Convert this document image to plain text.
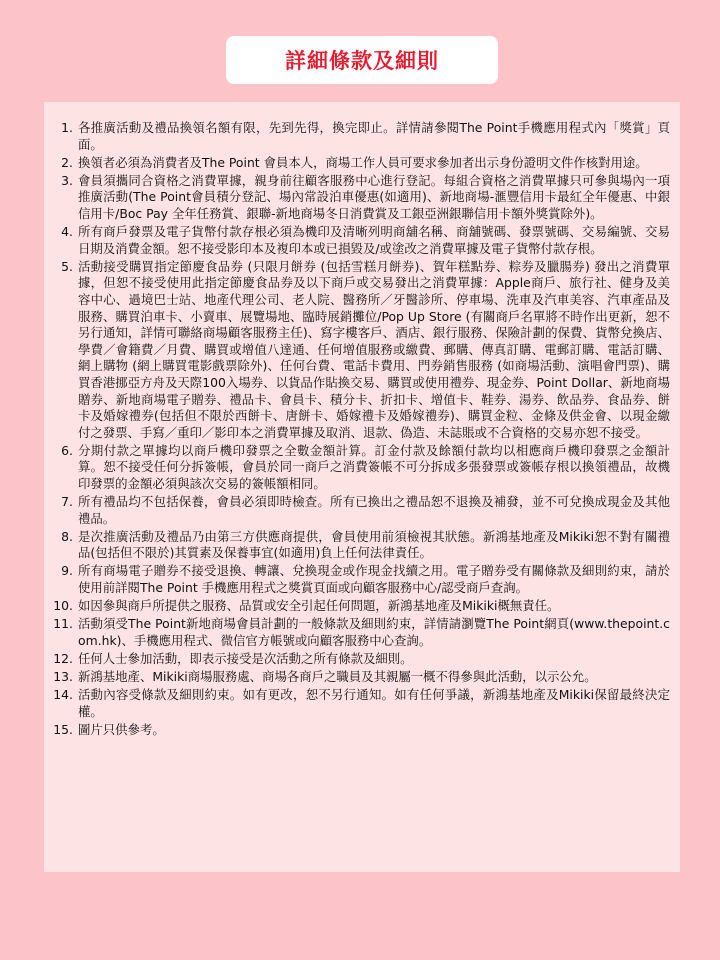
詳細條款及細則
1. 各推廣活動及禮品換領名額有限，先到先得，換完即止。詳情請參閱The Point手機應用程式內「獎賞」頁面。
2. 換領者必須為消費者及The Point 會員本人，商場工作人員可要求參加者出示身份證明文件作核對用途。
3. 會員須攜同合資格之消費單據，親身前往顧客服務中心進行登記。每組合資格之消費單據只可參與場內一項推廣活動(The Point會員積分登記、場內常設泊車優惠(如適用)、新地商場-滙豐信用卡最紅全年優惠、中銀信用卡/Boc Pay 全年任務賞、銀聯-新地商場冬日消費賞及工銀亞洲銀聯信用卡額外獎賞除外)。
4. 所有商戶發票及電子貨幣付款存根必須為機印及清晰列明商舖名稱、商舖號碼、發票號碼、交易編號、交易日期及消費金額。恕不接受影印本及複印本或已損毀及/或塗改之消費單據及電子貨幣付款存根。
5. 活動接受購買指定節慶食品券 (只限月餅券 (包括雪糕月餅券)、賀年糕點券、粽券及臘腸券) 發出之消費單據，但恕不接受使用此指定節慶食品券及以下商戶或交易發出之消費單據：Apple商戶、旅行社、健身及美容中心、過境巴士站、地產代理公司、老人院、醫務所／牙醫診所、停車場、洗車及汽車美容、汽車產品及服務、購買泊車卡、小賣車、展覽場地、臨時展銷攤位/Pop Up Store (有關商戶名單將不時作出更新，恕不另行通知，詳情可聯絡商場顧客服務主任)、寫字樓客戶、酒店、銀行服務、保險計劃的保費、貨幣兌換店、學費／會籍費／月費、購買或增值八達通、任何增值服務或繳費、郵購、傳真訂購、電郵訂購、電話訂購、網上購物 (網上購買電影戲票除外)、任何台費、電話卡費用、門券銷售服務 (如商場活動、演唱會門票)、購買香港挪亞方舟及天際100入場券、以貨品作貼換交易、購買或使用禮券、現金券、Point Dollar、新地商場贈券、新地商場電子贈券、禮品卡、會員卡、積分卡、折扣卡、增值卡、鞋券、湯券、飲品券、食品券、餅卡及婚嫁禮券(包括但不限於西餅卡、唐餅卡、婚嫁禮卡及婚嫁禮券)、購買金粒、金條及供金會、以現金繳付之發票、手寫／重印／影印本之消費單據及取消、退款、偽造、未誌賬或不合資格的交易亦恕不接受。
6. 分期付款之單據均以商戶機印發票之全數金額計算。訂金付款及餘額付款均以相應商戶機印發票之金額計算。恕不接受任何分拆簽帳，會員於同一商戶之消費簽帳不可分拆成多張發票或簽帳存根以換領禮品，故機印發票的金額必須與該次交易的簽帳額相同。
7. 所有禮品均不包括保養，會員必須即時檢查。所有已換出之禮品恕不退換及補發，並不可兌換成現金及其他禮品。
8. 是次推廣活動及禮品乃由第三方供應商提供，會員使用前須檢視其狀態。新鴻基地產及Mikiki恕不對有關禮品(包括但不限於)其質素及保養事宜(如適用)負上任何法律責任。
9. 所有商場電子贈券不接受退換、轉讓、兌換現金或作現金找續之用。電子贈券受有關條款及細則約束，請於使用前詳閱The Point 手機應用程式之獎賞頁面或向顧客服務中心/認受商戶查詢。
10. 如因參與商戶所提供之服務、品質或安全引起任何問題，新鴻基地產及Mikiki概無責任。
11. 活動須受The Point新地商場會員計劃的一般條款及細則約束，詳情請瀏覽The Point網頁(www.thepoint.com.hk)、手機應用程式、微信官方帳號或向顧客服務中心查詢。
12. 任何人士參加活動，即表示接受是次活動之所有條款及細則。
13. 新鴻基地產、Mikiki商場服務處、商場各商戶之職員及其親屬一概不得參與此活動，以示公允。
14. 活動內容受條款及細則約束。如有更改，恕不另行通知。如有任何爭議，新鴻基地產及Mikiki保留最終決定權。
15. 圖片只供參考。
